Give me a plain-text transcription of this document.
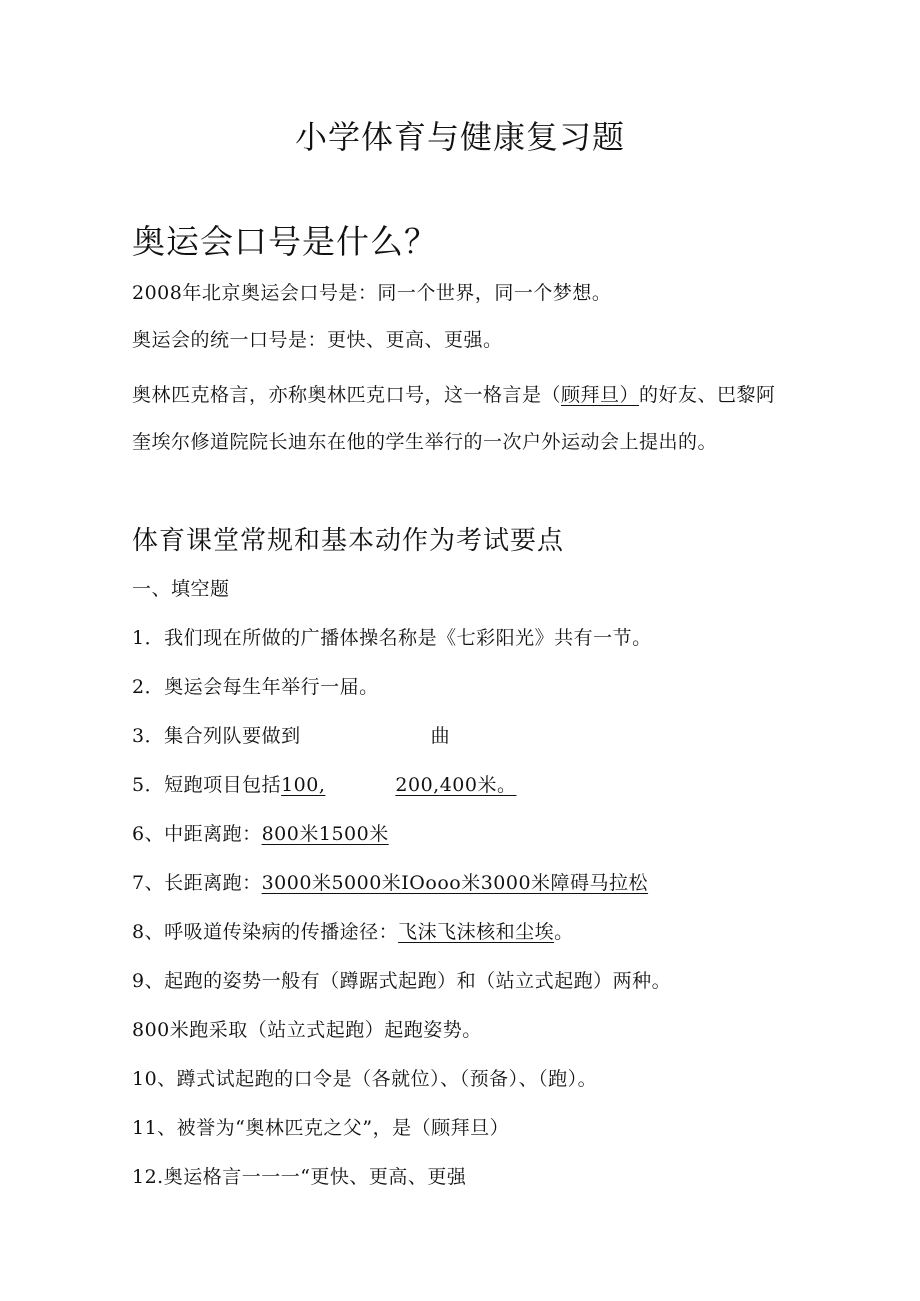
小学体育与健康复习题
奥运会口号是什么？
2008年北京奥运会口号是：同一个世界，同一个梦想。
奥运会的统一口号是：更快、更高、更强。
奥林匹克格言，亦称奥林匹克口号，这一格言是（顾拜旦）的好友、巴黎阿奎埃尔修道院院长迪东在他的学生举行的一次户外运动会上提出的。
体育课堂常规和基本动作为考试要点
一、填空题
1．我们现在所做的广播体操名称是《七彩阳光》共有一节。
2．奥运会每生年举行一届。
3．集合列队要做到	曲
5．短跑项目包括100,	200,400米。
6、中距离跑：800米1500米
7、长距离跑：3000米5000米IOooo米3000米障碍马拉松
8、呼吸道传染病的传播途径：飞沫飞沫核和尘埃。
9、起跑的姿势一般有（蹲踞式起跑）和（站立式起跑）两种。
800米跑采取（站立式起跑）起跑姿势。
10、蹲式试起跑的口令是（各就位）、（预备）、（跑）。
11、被誉为“奥林匹克之父”，是（顾拜旦）
12.奥运格言一一一“更快、更高、更强
